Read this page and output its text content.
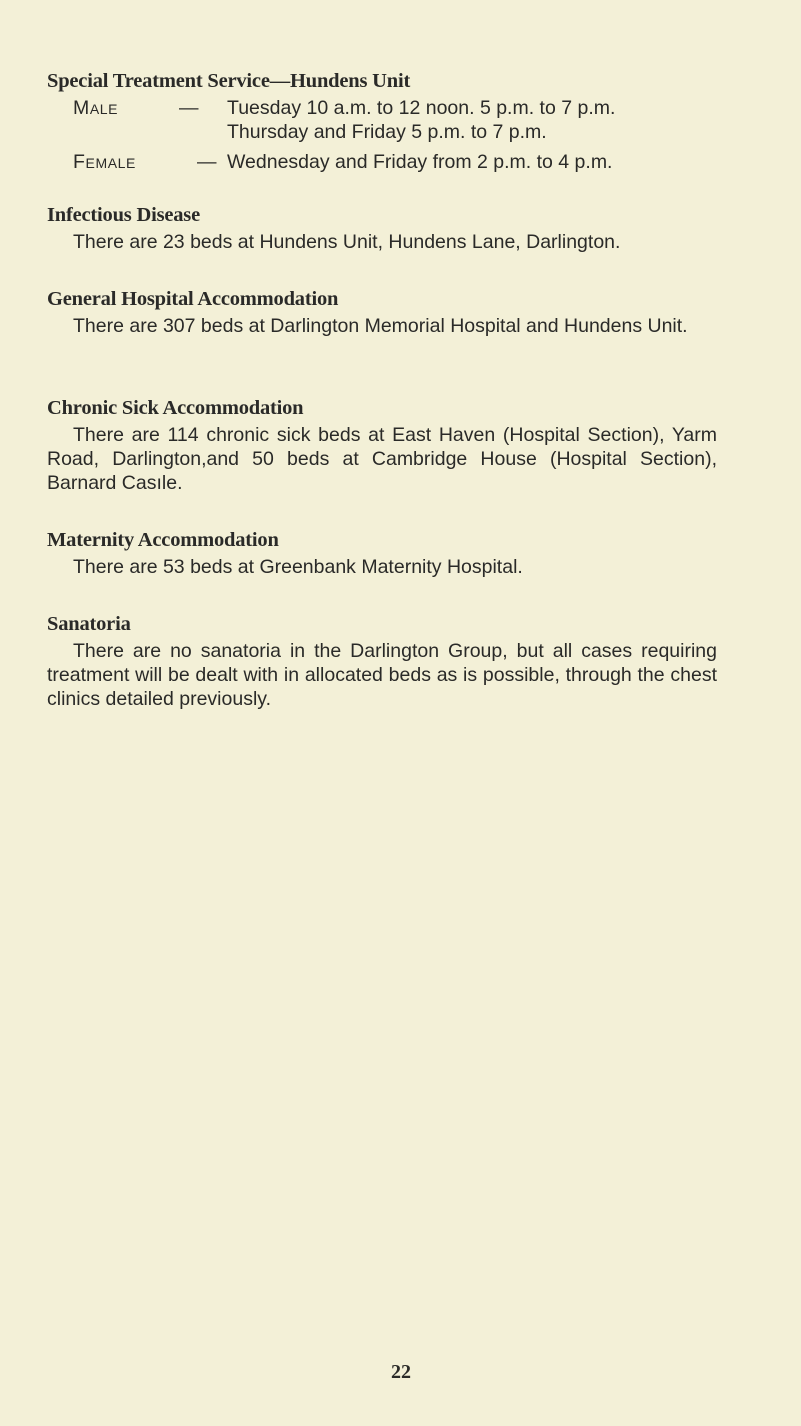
Special Treatment Service—Hundens Unit

Male	— Tuesday 10 a.m. to 12 noon. 5 p.m. to 7 p.m.
Thursday and Friday 5 p.m. to 7 p.m.
Female	— Wednesday and Friday from 2 p.m. to 4 p.m.

Infectious Disease

There are 23 beds at Hundens Unit, Hundens Lane, Darlington.

General Hospital Accommodation

There are 307 beds at Darlington Memorial Hospital and Hundens Unit.

Chronic Sick Accommodation

There are 114 chronic sick beds at East Haven (Hospital Section), Yarm Road, Darlington,and 50 beds at Cambridge House (Hospital Section), Barnard Casıle.

Maternity Accommodation

There are 53 beds at Greenbank Maternity Hospital.

Sanatoria

There are no sanatoria in the Darlington Group, but all cases requiring treatment will be dealt with in allocated beds as is possible, through the chest clinics detailed previously.

22
